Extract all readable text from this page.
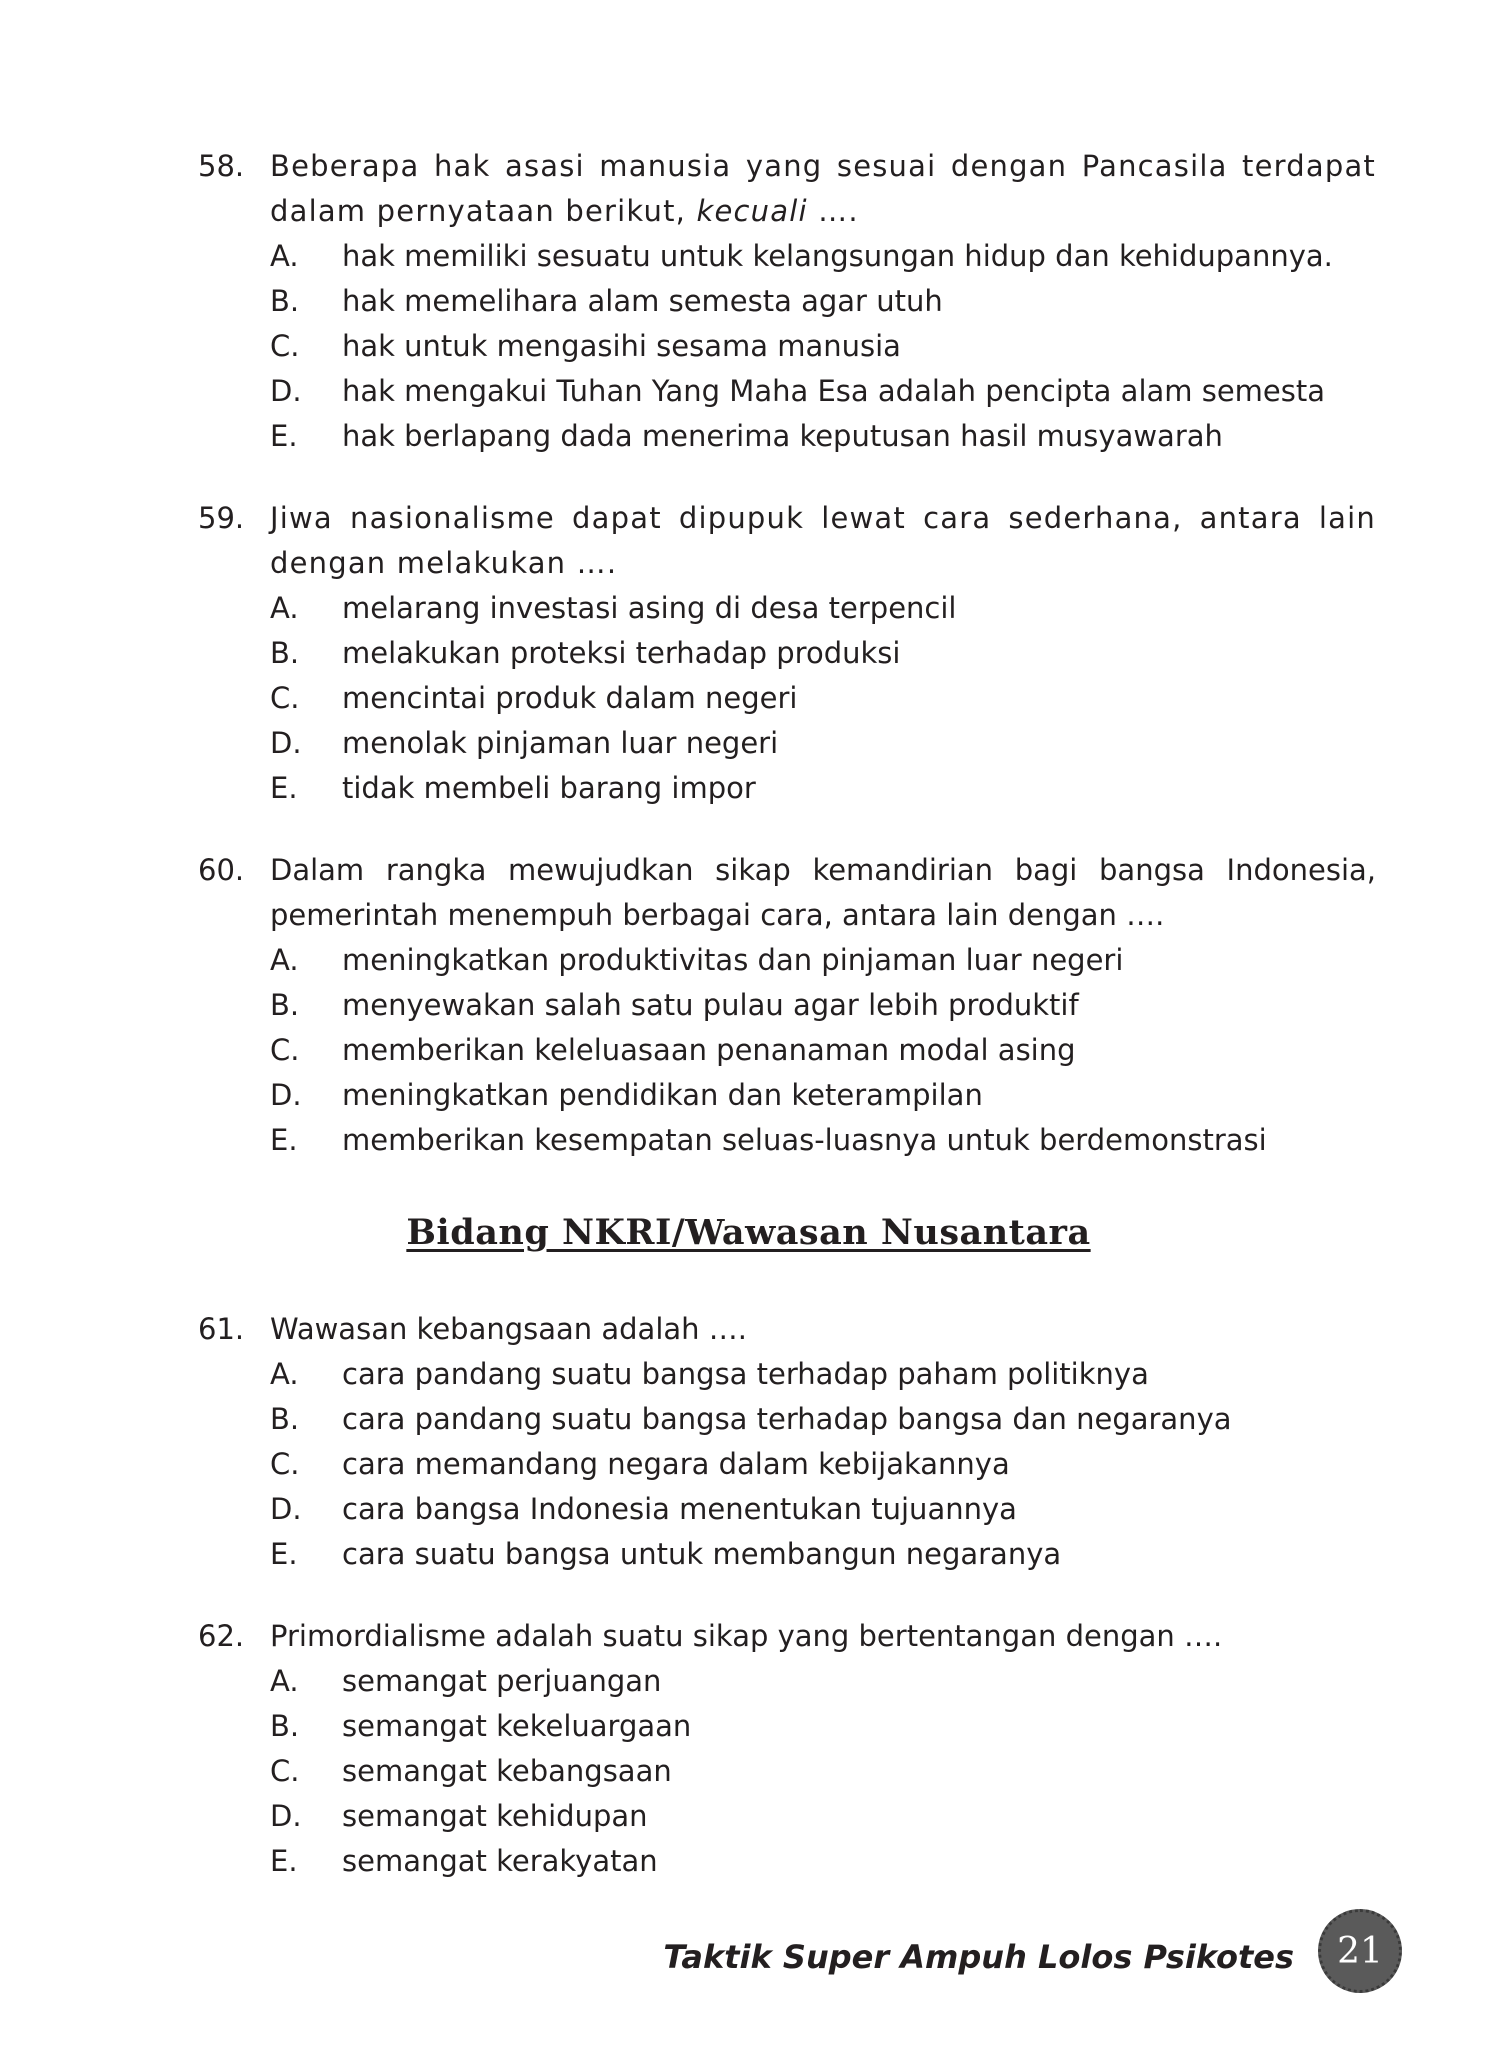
58. Beberapa hak asasi manusia yang sesuai dengan Pancasila terdapat dalam pernyataan berikut, kecuali ….
A.	hak memiliki sesuatu untuk kelangsungan hidup dan kehidupannya.
B.	hak memelihara alam semesta agar utuh
C.	hak untuk mengasihi sesama manusia
D.	hak mengakui Tuhan Yang Maha Esa adalah pencipta alam semesta
E.	hak berlapang dada menerima keputusan hasil musyawarah
59. Jiwa nasionalisme dapat dipupuk lewat cara sederhana, antara lain dengan melakukan ….
A.	melarang investasi asing di desa terpencil
B.	melakukan proteksi terhadap produksi
C.	mencintai produk dalam negeri
D.	menolak pinjaman luar negeri
E.	tidak membeli barang impor
60. Dalam rangka mewujudkan sikap kemandirian bagi bangsa Indonesia, pemerintah menempuh berbagai cara, antara lain dengan ….
A.	meningkatkan produktivitas dan pinjaman luar negeri
B.	menyewakan salah satu pulau agar lebih produktif
C.	memberikan keleluasaan penanaman modal asing
D.	meningkatkan pendidikan dan keterampilan
E.	memberikan kesempatan seluas-luasnya untuk berdemonstrasi
Bidang NKRI/Wawasan Nusantara
61. Wawasan kebangsaan adalah ….
A.	cara pandang suatu bangsa terhadap paham politiknya
B.	cara pandang suatu bangsa terhadap bangsa dan negaranya
C.	cara memandang negara dalam kebijakannya
D.	cara bangsa Indonesia menentukan tujuannya
E.	cara suatu bangsa untuk membangun negaranya
62. Primordialisme adalah suatu sikap yang bertentangan dengan ….
A.	semangat perjuangan
B.	semangat kekeluargaan
C.	semangat kebangsaan
D.	semangat kehidupan
E.	semangat kerakyatan
Taktik Super Ampuh Lolos Psikotes 21
